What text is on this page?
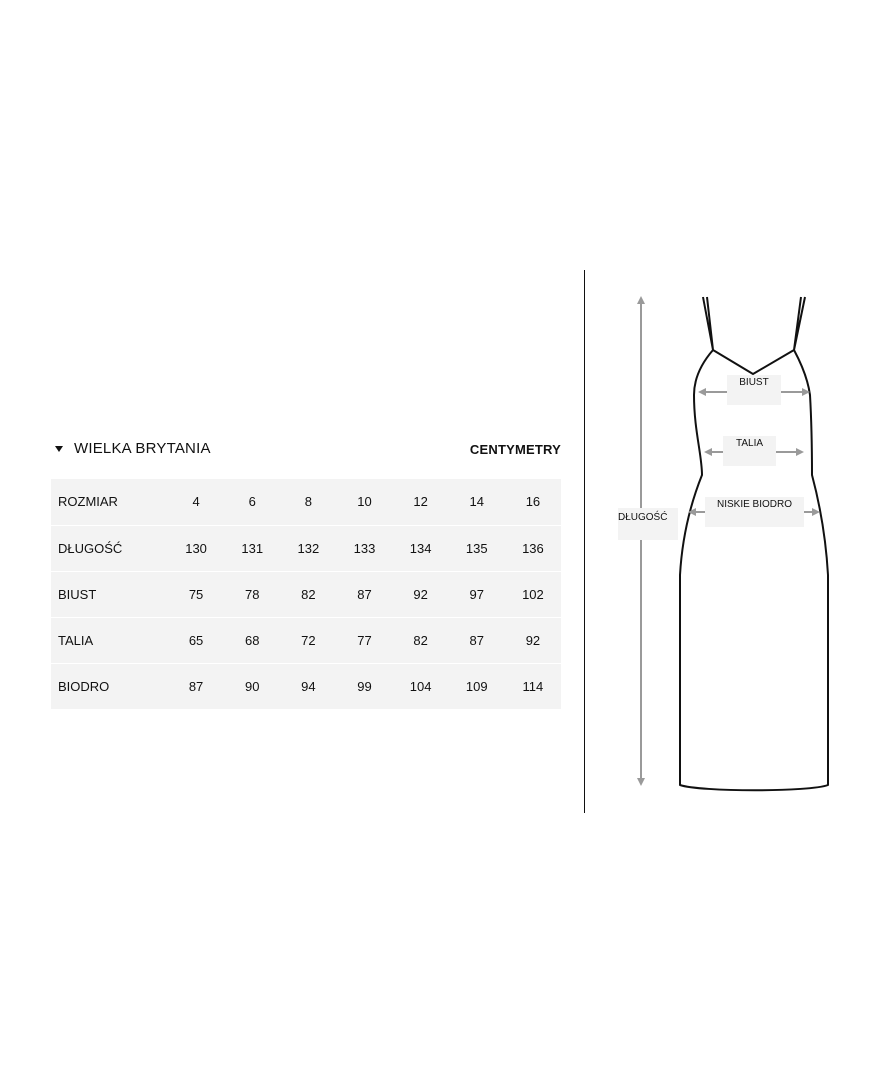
WIELKA BRYTANIA	CENTYMETRY
ROZMIAR	4	6	8	10	12	14	16
DŁUGOŚĆ	130	131	132	133	134	135	136
BIUST	75	78	82	87	92	97	102
TALIA	65	68	72	77	82	87	92
BIODRO	87	90	94	99	104	109	114
BIUST
TALIA
NISKIE BIODRO
DŁUGOŚĆ
